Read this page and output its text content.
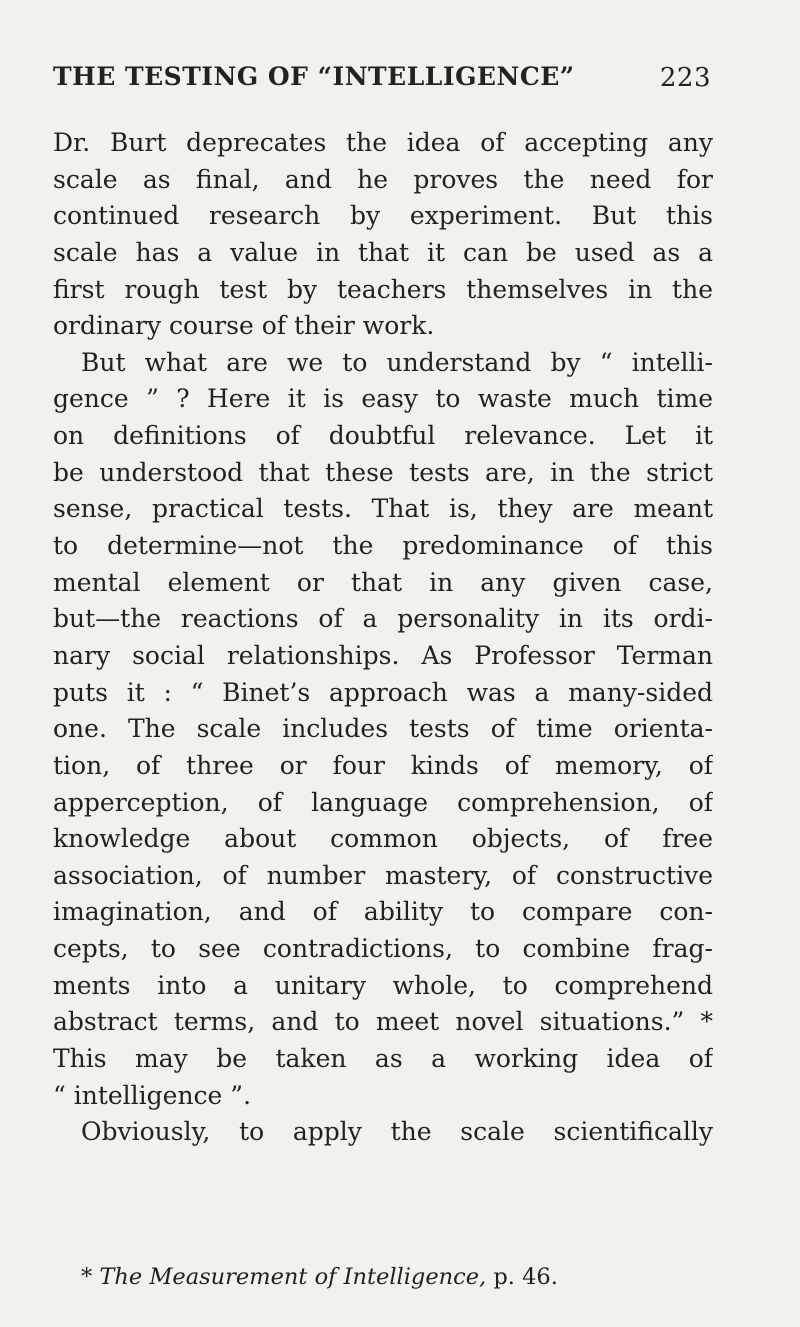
THE TESTING OF “INTELLIGENCE”	223
Dr. Burt deprecates the idea of accepting any
scale as final, and he proves the need for
continued research by experiment. But this
scale has a value in that it can be used as a
first rough test by teachers themselves in the
ordinary course of their work.
But what are we to understand by “ intelli-
gence ” ? Here it is easy to waste much time
on definitions of doubtful relevance. Let it
be understood that these tests are, in the strict
sense, practical tests. That is, they are meant
to determine—not the predominance of this
mental element or that in any given case,
but—the reactions of a personality in its ordi-
nary social relationships. As Professor Terman
puts it : “ Binet’s approach was a many-sided
one. The scale includes tests of time orienta-
tion, of three or four kinds of memory, of
apperception, of language comprehension, of
knowledge about common objects, of free
association, of number mastery, of constructive
imagination, and of ability to compare con-
cepts, to see contradictions, to combine frag-
ments into a unitary whole, to comprehend
abstract terms, and to meet novel situations.” *
This may be taken as a working idea of
“ intelligence ”.
Obviously, to apply the scale scientifically
* The Measurement of Intelligence, p. 46.
